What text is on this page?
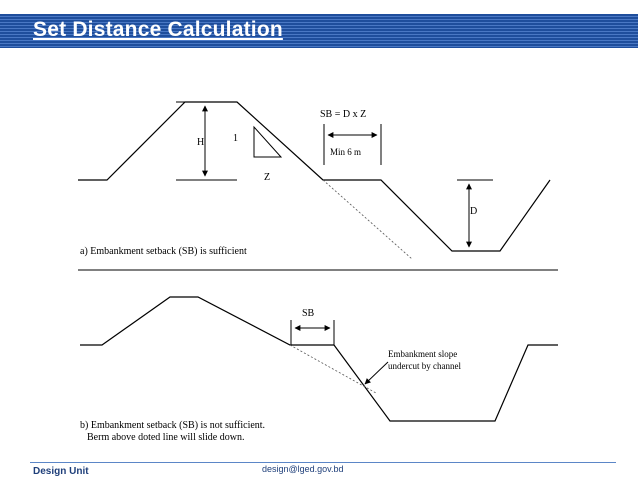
Set Distance Calculation
H	1
Z
SB = D x Z
Min 6 m
D
a) Embankment setback (SB) is sufficient
SB
Embankment slope
undercut by channel
b) Embankment setback (SB) is not sufficient.
Berm above doted line will slide down.
Design Unit	design@lged.gov.bd
